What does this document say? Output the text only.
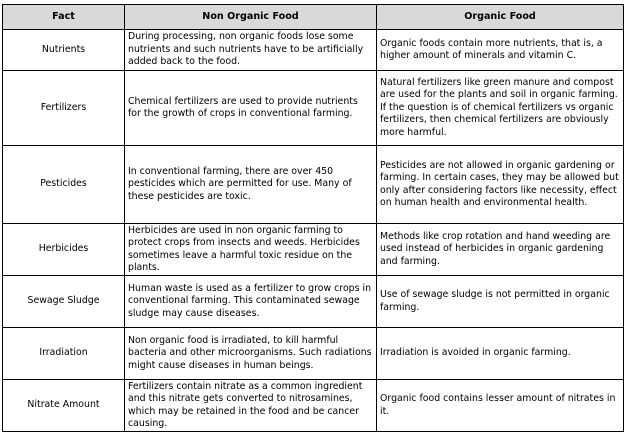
Fact	Non Organic Food	Organic Food
Nutrients	During processing, non organic foods lose some nutrients and such nutrients have to be artificially added back to the food.	Organic foods contain more nutrients, that is, a higher amount of minerals and vitamin C.
Fertilizers	Chemical fertilizers are used to provide nutrients for the growth of crops in conventional farming.	Natural fertilizers like green manure and compost are used for the plants and soil in organic farming. If the question is of chemical fertilizers vs organic fertilizers, then chemical fertilizers are obviously more harmful.
Pesticides	In conventional farming, there are over 450 pesticides which are permitted for use. Many of these pesticides are toxic.	Pesticides are not allowed in organic gardening or farming. In certain cases, they may be allowed but only after considering factors like necessity, effect on human health and environmental health.
Herbicides	Herbicides are used in non organic farming to protect crops from insects and weeds. Herbicides sometimes leave a harmful toxic residue on the plants.	Methods like crop rotation and hand weeding are used instead of herbicides in organic gardening and farming.
Sewage Sludge	Human waste is used as a fertilizer to grow crops in conventional farming. This contaminated sewage sludge may cause diseases.	Use of sewage sludge is not permitted in organic farming.
Irradiation	Non organic food is irradiated, to kill harmful bacteria and other microorganisms. Such radiations might cause diseases in human beings.	Irradiation is avoided in organic farming.
Nitrate Amount	Fertilizers contain nitrate as a common ingredient and this nitrate gets converted to nitrosamines, which may be retained in the food and be cancer causing.	Organic food contains lesser amount of nitrates in it.
